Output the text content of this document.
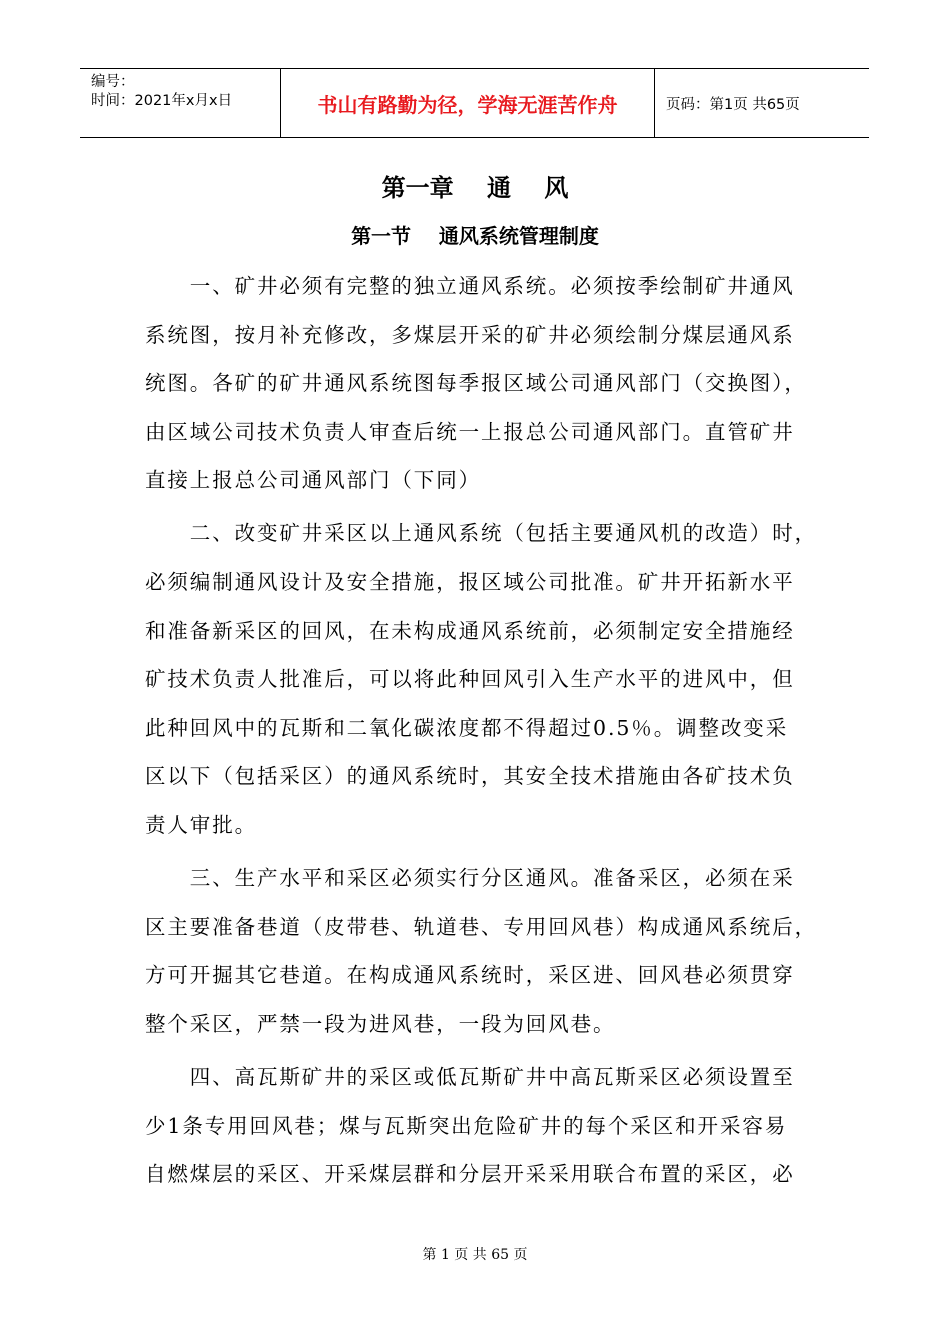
编号：
时间：2021年x月x日	书山有路勤为径，学海无涯苦作舟	页码：第1页 共65页
第一章    通    风
第一节    通风系统管理制度
　　一、矿井必须有完整的独立通风系统。必须按季绘制矿井通风
系统图，按月补充修改，多煤层开采的矿井必须绘制分煤层通风系
统图。各矿的矿井通风系统图每季报区域公司通风部门（交换图），
由区域公司技术负责人审查后统一上报总公司通风部门。直管矿井
直接上报总公司通风部门（下同）
　　二、改变矿井采区以上通风系统（包括主要通风机的改造）时，
必须编制通风设计及安全措施，报区域公司批准。矿井开拓新水平
和准备新采区的回风，在未构成通风系统前，必须制定安全措施经
矿技术负责人批准后，可以将此种回风引入生产水平的进风中，但
此种回风中的瓦斯和二氧化碳浓度都不得超过0.5％。调整改变采
区以下（包括采区）的通风系统时，其安全技术措施由各矿技术负
责人审批。
　　三、生产水平和采区必须实行分区通风。准备采区，必须在采
区主要准备巷道（皮带巷、轨道巷、专用回风巷）构成通风系统后，
方可开掘其它巷道。在构成通风系统时，采区进、回风巷必须贯穿
整个采区，严禁一段为进风巷，一段为回风巷。
　　四、高瓦斯矿井的采区或低瓦斯矿井中高瓦斯采区必须设置至
少1条专用回风巷；煤与瓦斯突出危险矿井的每个采区和开采容易
自燃煤层的采区、开采煤层群和分层开采采用联合布置的采区，必
第 1 页 共 65 页
